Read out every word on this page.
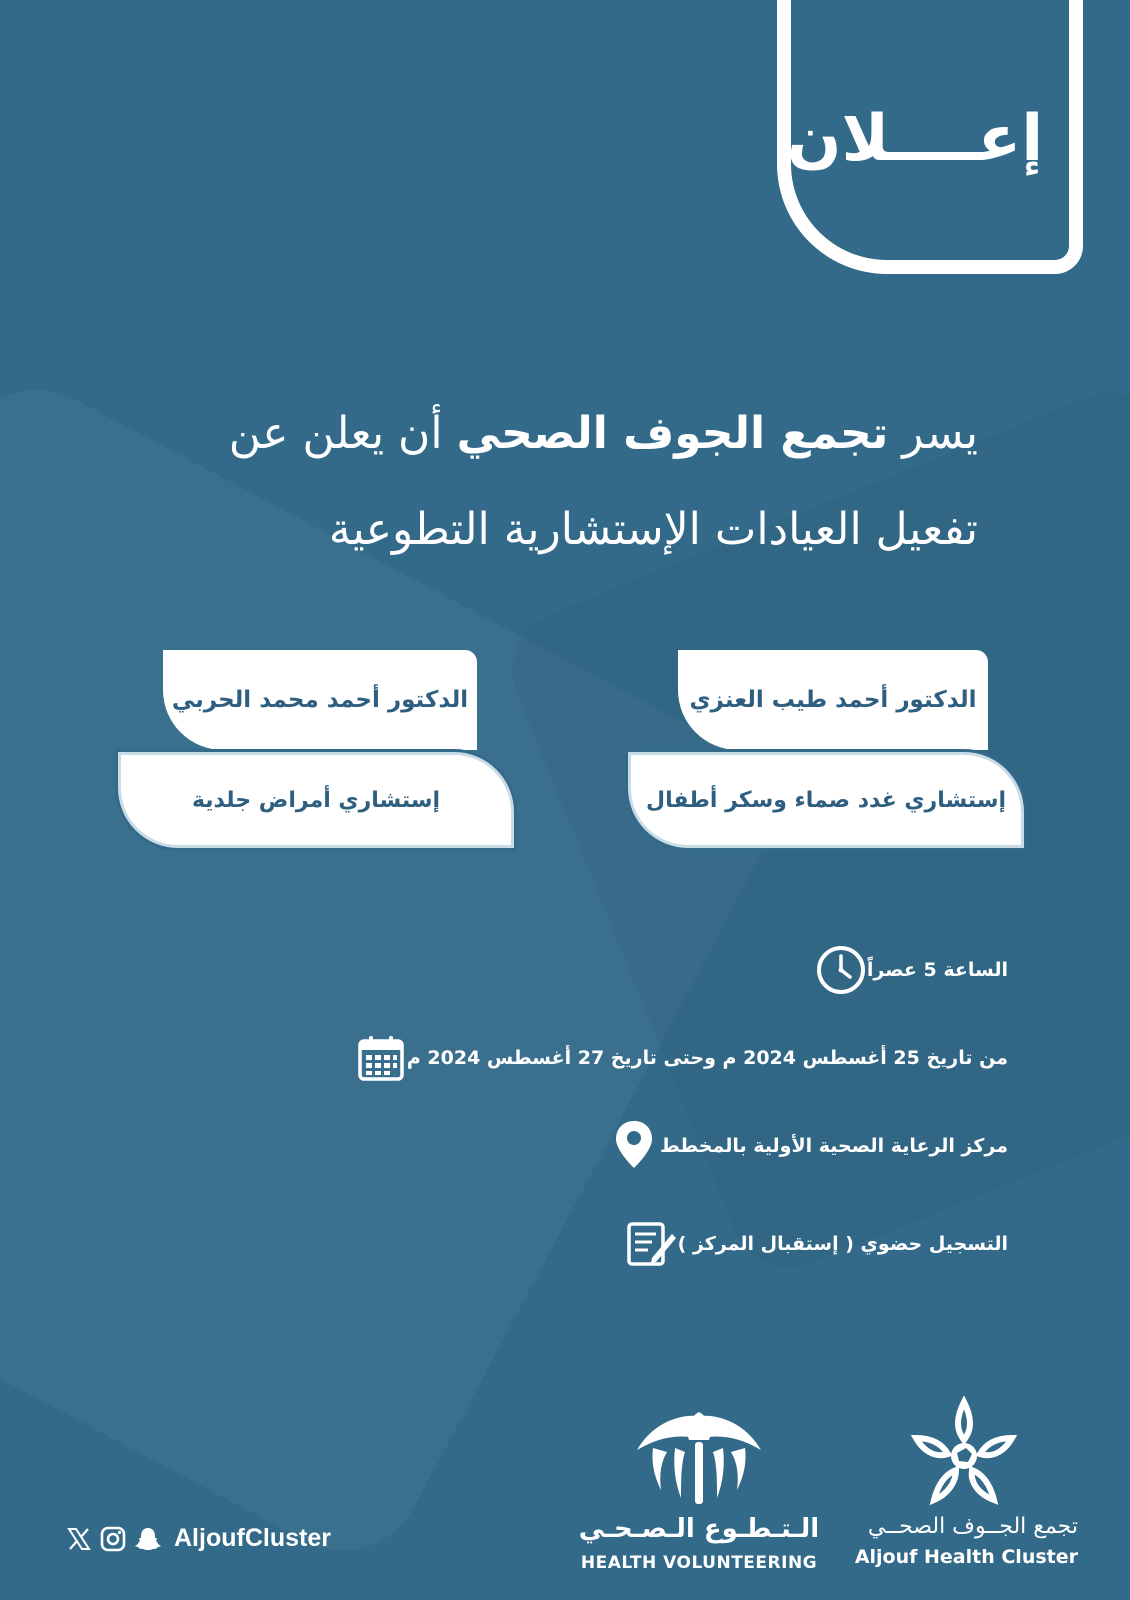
إعــــلان
يسر تجمع الجوف الصحي أن يعلن عن
تفعيل العيادات الإستشارية التطوعية
الدكتور أحمد طيب العنزي
إستشاري غدد صماء وسكر أطفال
الدكتور أحمد محمد الحربي
إستشاري أمراض جلدية
الساعة 5 عصراً
من تاريخ 25 أغسطس 2024 م وحتى تاريخ 27 أغسطس 2024 م
مركز الرعاية الصحية الأولية بالمخطط
التسجيل حضوي ( إستقبال المركز )
تجمع الجــوف الصحــي
Aljouf Health Cluster
الـتـطـوع الـصـحـي
HEALTH VOLUNTEERING
AljoufCluster
